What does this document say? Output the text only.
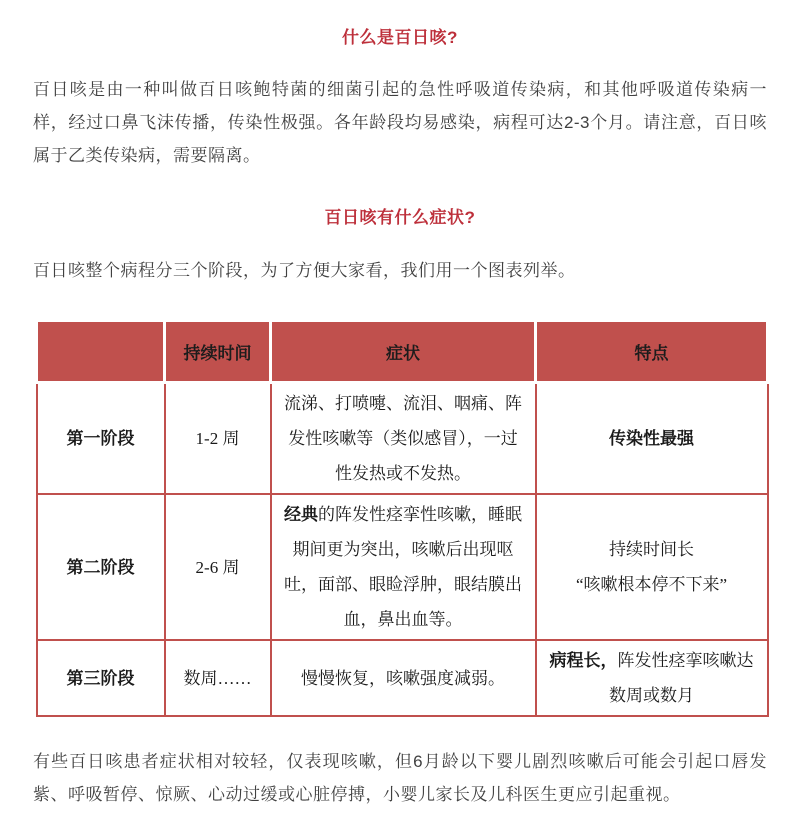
什么是百日咳?

百日咳是由一种叫做百日咳鲍特菌的细菌引起的急性呼吸道传染病，和其他呼吸道传染病一样，经过口鼻飞沫传播，传染性极强。各年龄段均易感染，病程可达2-3个月。请注意，百日咳属于乙类传染病，需要隔离。

百日咳有什么症状?

百日咳整个病程分三个阶段，为了方便大家看，我们用一个图表列举。

	持续时间	症状	特点
第一阶段	1-2 周	流涕、打喷嚏、流泪、咽痛、阵发性咳嗽等（类似感冒），一过性发热或不发热。	传染性最强
第二阶段	2-6 周	经典的阵发性痉挛性咳嗽，睡眠期间更为突出，咳嗽后出现呕吐，面部、眼睑浮肿，眼结膜出血，鼻出血等。	持续时间长
“咳嗽根本停不下来”

第三阶段	数周……	慢慢恢复，咳嗽强度减弱。	病程长，阵发性痉挛咳嗽达数周或数月

有些百日咳患者症状相对较轻，仅表现咳嗽，但6月龄以下婴儿剧烈咳嗽后可能会引起口唇发紫、呼吸暂停、惊厥、心动过缓或心脏停搏，小婴儿家长及儿科医生更应引起重视。
